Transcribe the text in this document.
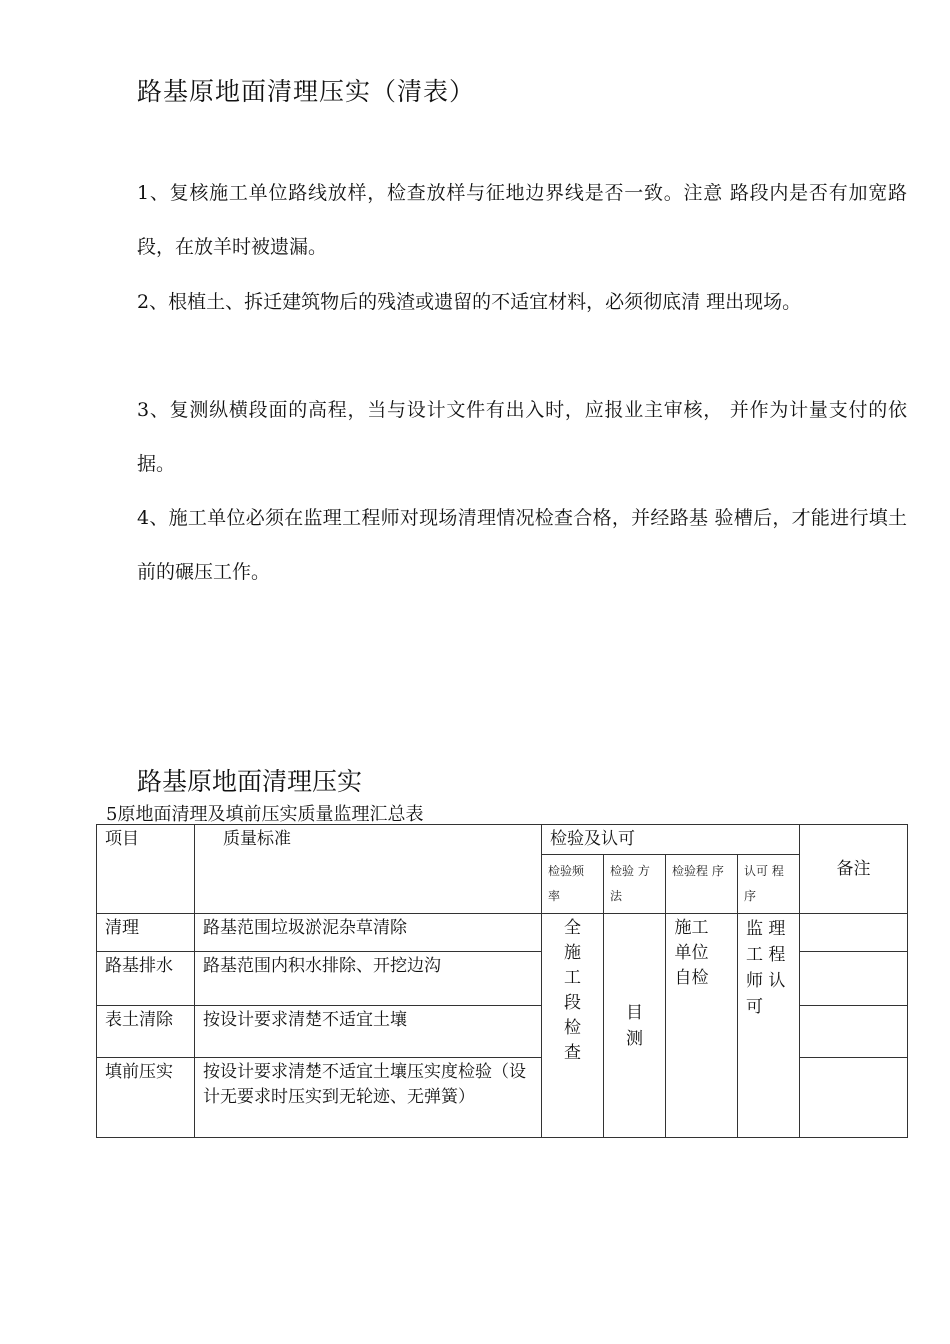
路基原地面清理压实（清表）
1、复核施工单位路线放样，检查放样与征地边界线是否一致。注意 路段内是否有加宽路段，在放羊时被遗漏。
2、根植土、拆迁建筑物后的残渣或遗留的不适宜材料，必须彻底清 理出现场。
3、复测纵横段面的高程，当与设计文件有出入时，应报业主审核， 并作为计量支付的依据。
4、施工单位必须在监理工程师对现场清理情况检查合格，并经路基 验槽后，才能进行填土前的碾压工作。
路基原地面清理压实
5原地面清理及填前压实质量监理汇总表
项目	质量标准	检验及认可				备注
		检验频 率	检验 方法	检验程 序	认可 程 序	
清理	路基范围垃圾淤泥杂草清除	全施工段检查	目测	施工单位自检	监 理工 程师 认可	
路基排水	路基范围内积水排除、开挖边沟					
表土清除	按设计要求清楚不适宜土壤					
填前压实	按设计要求清楚不适宜土壤压实度检验（设计无要求时压实到无轮迹、无弹簧）					
